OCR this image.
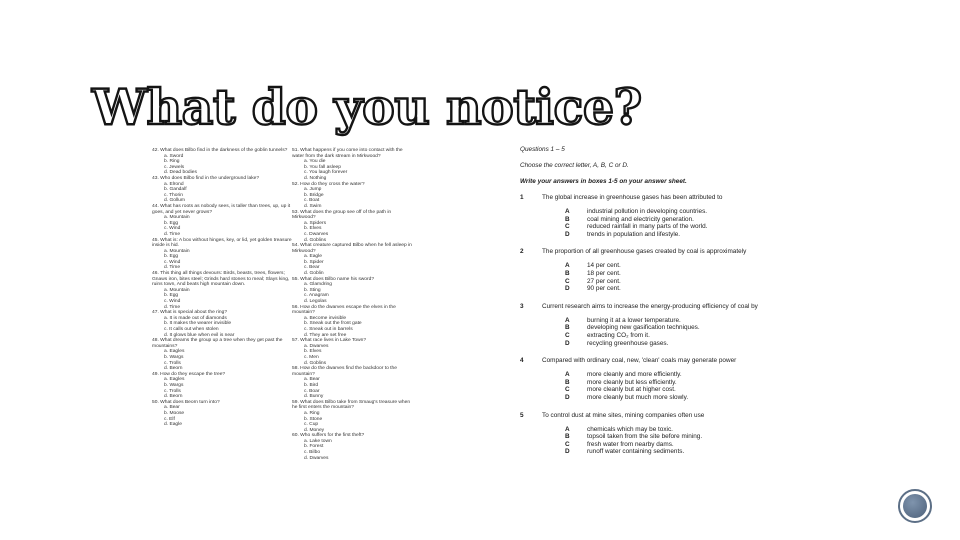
What do you notice?
42. What does Bilbo find in the darkness of the goblin tunnels?
a. Sword
b. Ring
c. Jewels
d. Dead bodies
43. Who does Bilbo find in the underground lake?
a. Elrond
b. Gandalf
c. Thorin
d. Gollum
44. What has roots as nobody sees, is taller than trees, up, up it goes, and yet never grows?
a. Mountain
b. Egg
c. Wind
d. Time
45. What is: A box without hinges, key, or lid, yet golden treasure inside is hid.
a. Mountain
b. Egg
c. Wind
d. Time
46. This thing all things devours: Birds, beasts, trees, flowers; Gnaws iron, bites steel; Grinds hard stones to meal; Slays king, ruins town, And beats high mountain down.
a. Mountain
b. Egg
c. Wind
d. Time
47. What is special about the ring?
a. It is made out of diamonds
b. It makes the wearer invisible
c. It calls out when stolen
d. It glows blue when evil is near
48. What dreams the group up a tree when they get past the mountains?
a. Eagles
b. Wargs
c. Trolls
d. Beorn
49. How do they escape the tree?
a. Eagles
b. Wargs
c. Trolls
d. Beorn
50. What does Beorn turn into?
a. Bear
b. Moose
c. Elf
d. Eagle
51. What happens if you come into contact with the water from the dark stream in Mirkwood?
a. You die
b. You fall asleep
c. You laugh forever
d. Nothing
52. How do they cross the water?
a. Jump
b. Bridge
c. Boat
d. Swim
53. What does the group see off of the path in Mirkwood?
a. Spiders
b. Elves
c. Dwarves
d. Goblins
54. What creature captured Bilbo when he fell asleep in Mirkwood?
a. Eagle
b. Spider
c. Bear
d. Goblin
55. What does Bilbo name his sword?
a. Glamdring
b. Sting
c. Anagram
d. Legolas
56. How do the dwarves escape the elves in the mountain?
a. Become invisible
b. Sneak out the front gate
c. Sneak out in barrels
d. They are set free
57. What race lives in Lake Town?
a. Dwarves
b. Elves
c. Men
d. Goblins
58. How do the dwarves find the backdoor to the mountain?
a. Bear
b. Bird
c. Boar
d. Bunny
59. What does Bilbo take from Smaug's treasure when he first enters the mountain?
a. Ring
b. Stone
c. Cup
d. Money
60. Who suffers for the first theft?
a. Lake town
b. Forest
c. Bilbo
d. Dwarves
Questions 1 – 5
Choose the correct letter, A, B, C or D.
Write your answers in boxes 1-5 on your answer sheet.
1	The global increase in greenhouse gases has been attributed to
A	industrial pollution in developing countries.
B	coal mining and electricity generation.
C	reduced rainfall in many parts of the world.
D	trends in population and lifestyle.
2	The proportion of all greenhouse gases created by coal is approximately
A	14 per cent.
B	18 per cent.
C	27 per cent.
D	90 per cent.
3	Current research aims to increase the energy-producing efficiency of coal by
A	burning it at a lower temperature.
B	developing new gasification techniques.
C	extracting CO₂ from it.
D	recycling greenhouse gases.
4	Compared with ordinary coal, new, 'clean' coals may generate power
A	more cleanly and more efficiently.
B	more cleanly but less efficiently.
C	more cleanly but at higher cost.
D	more cleanly but much more slowly.
5	To control dust at mine sites, mining companies often use
A	chemicals which may be toxic.
B	topsoil taken from the site before mining.
C	fresh water from nearby dams.
D	runoff water containing sediments.
